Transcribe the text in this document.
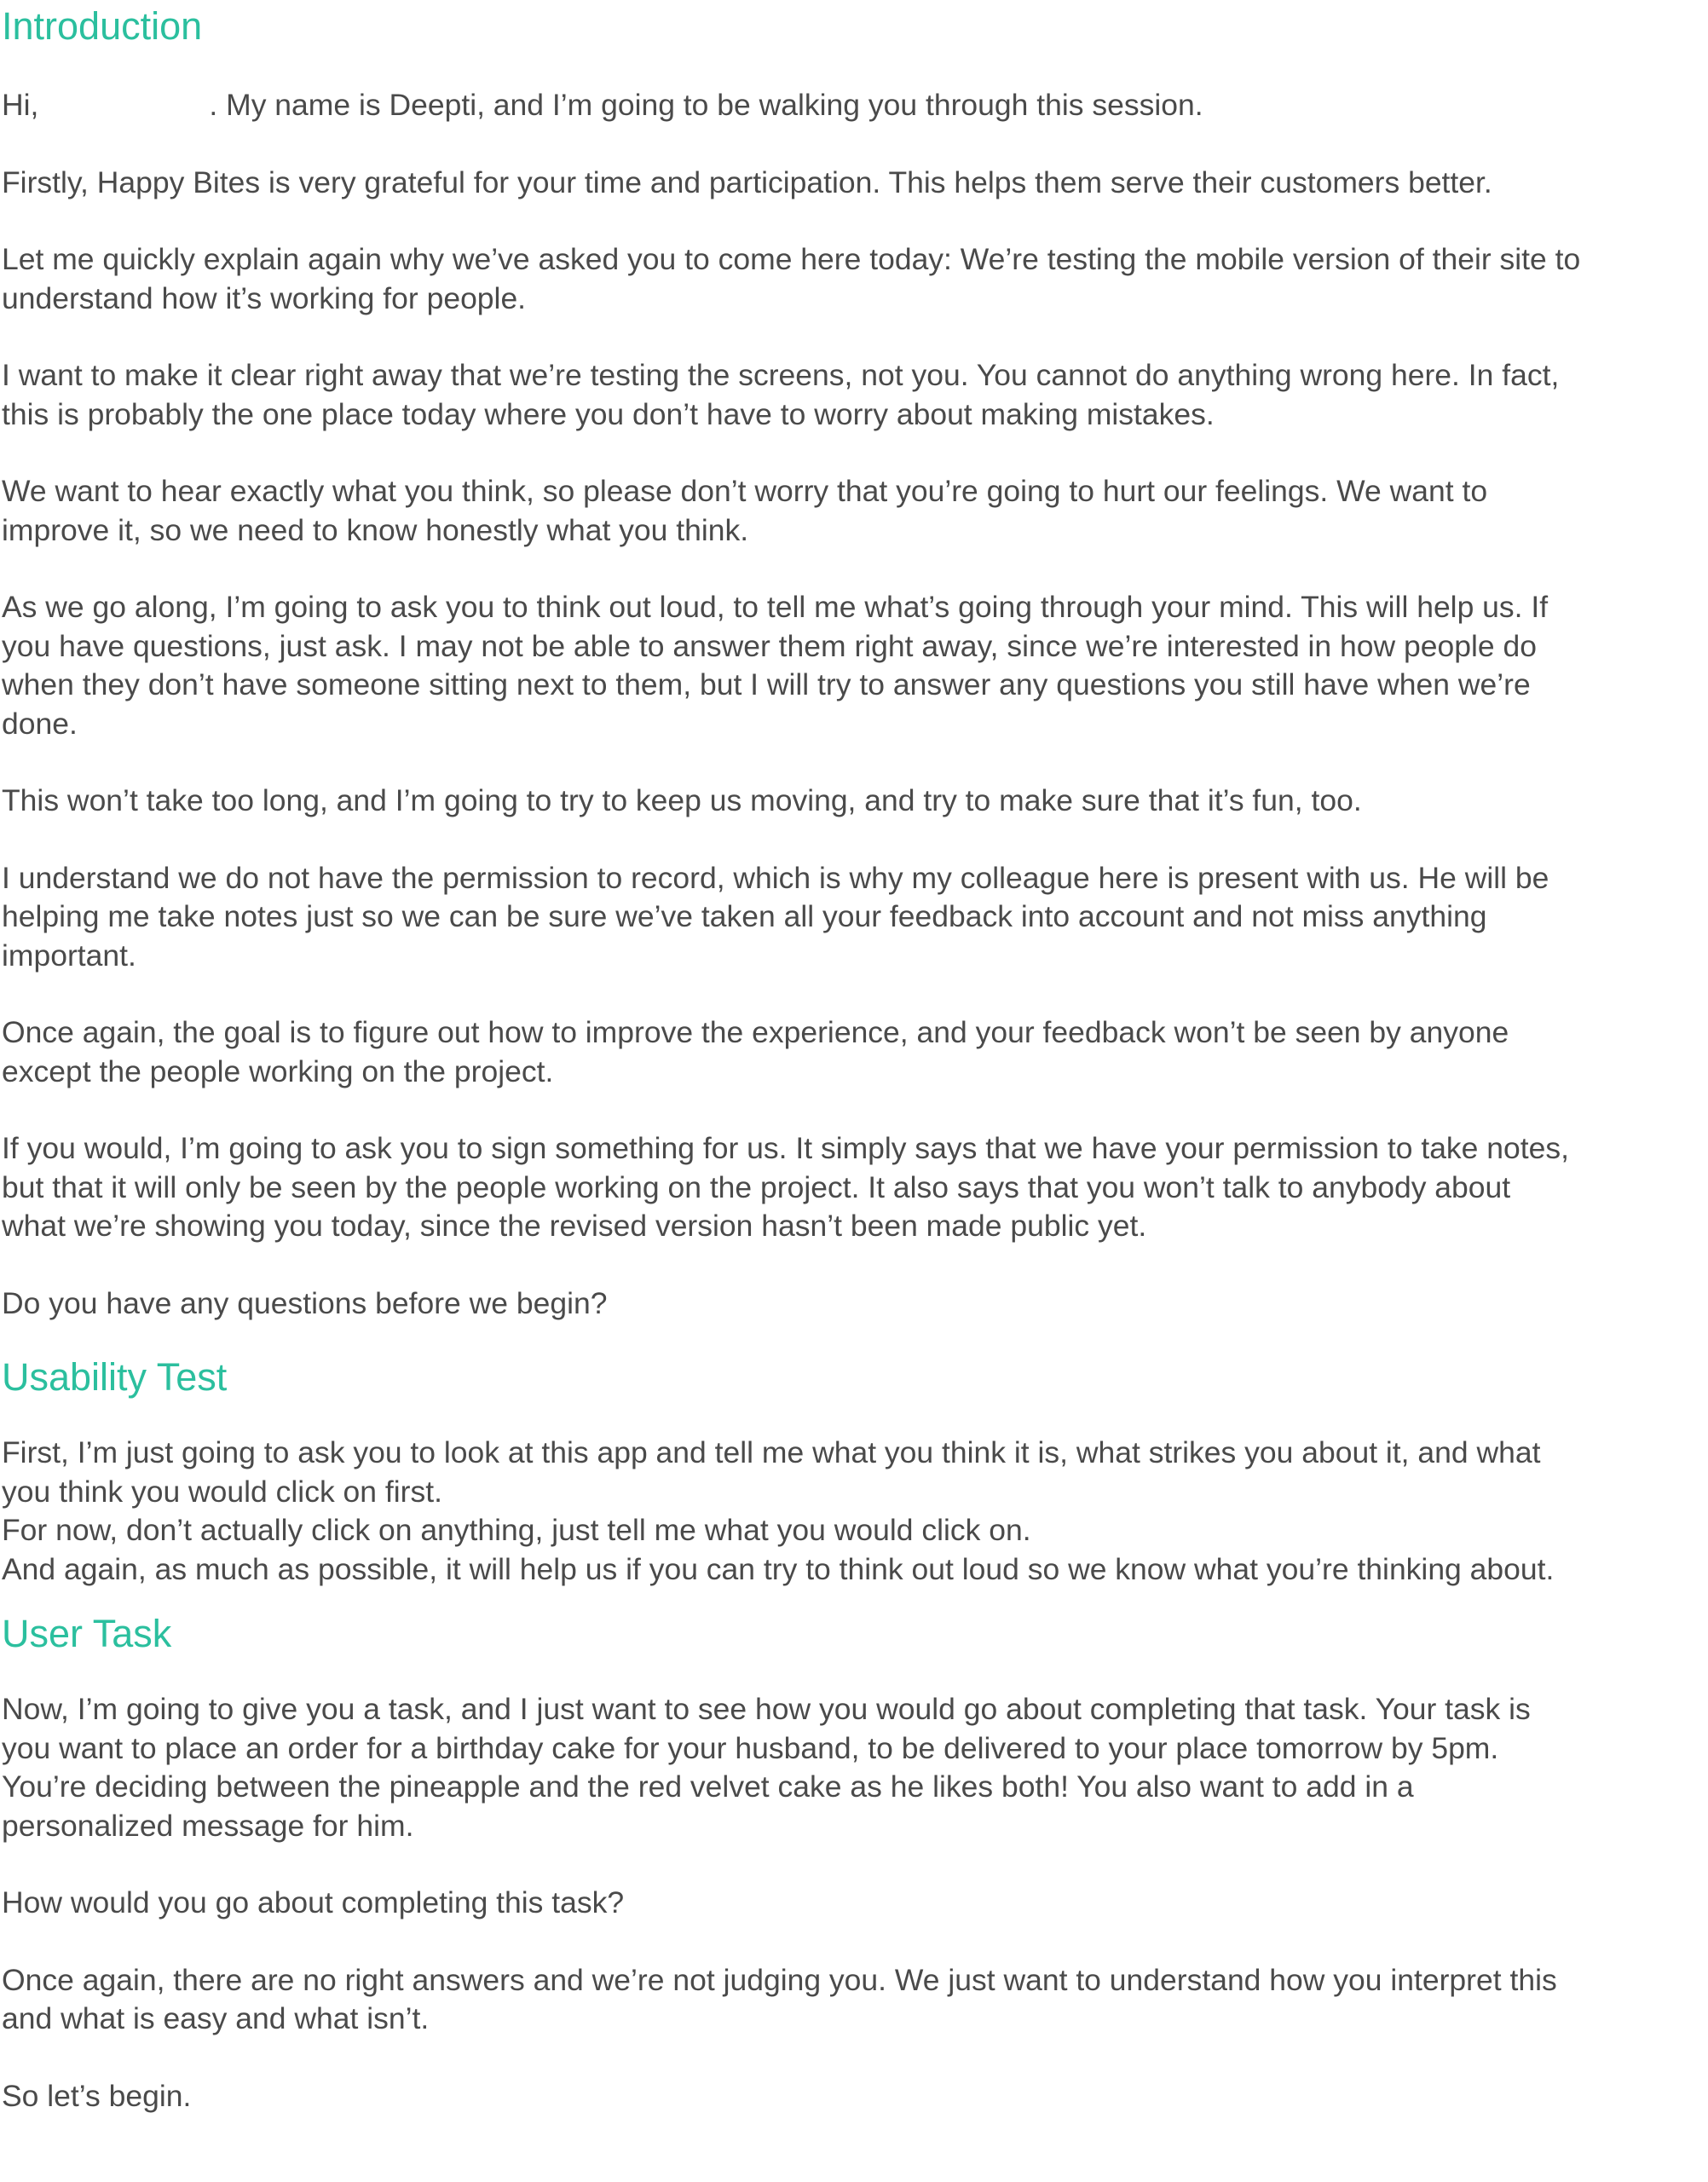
Introduction

Hi,	. My name is Deepti, and I’m going to be walking you through this session.

Firstly, Happy Bites is very grateful for your time and participation. This helps them serve their customers better.

Let me quickly explain again why we’ve asked you to come here today: We’re testing the mobile version of their site to
understand how it’s working for people.

I want to make it clear right away that we’re testing the screens, not you. You cannot do anything wrong here. In fact,
this is probably the one place today where you don’t have to worry about making mistakes.

We want to hear exactly what you think, so please don’t worry that you’re going to hurt our feelings. We want to
improve it, so we need to know honestly what you think.

As we go along, I’m going to ask you to think out loud, to tell me what’s going through your mind. This will help us. If
you have questions, just ask. I may not be able to answer them right away, since we’re interested in how people do
when they don’t have someone sitting next to them, but I will try to answer any questions you still have when we’re
done.

This won’t take too long, and I’m going to try to keep us moving, and try to make sure that it’s fun, too.

I understand we do not have the permission to record, which is why my colleague here is present with us. He will be
helping me take notes just so we can be sure we’ve taken all your feedback into account and not miss anything
important.

Once again, the goal is to figure out how to improve the experience, and your feedback won’t be seen by anyone
except the people working on the project.

If you would, I’m going to ask you to sign something for us. It simply says that we have your permission to take notes,
but that it will only be seen by the people working on the project. It also says that you won’t talk to anybody about
what we’re showing you today, since the revised version hasn’t been made public yet.

Do you have any questions before we begin?

Usability Test

First, I’m just going to ask you to look at this app and tell me what you think it is, what strikes you about it, and what
you think you would click on first.
For now, don’t actually click on anything, just tell me what you would click on.
And again, as much as possible, it will help us if you can try to think out loud so we know what you’re thinking about.

User Task

Now, I’m going to give you a task, and I just want to see how you would go about completing that task. Your task is
you want to place an order for a birthday cake for your husband, to be delivered to your place tomorrow by 5pm.
You’re deciding between the pineapple and the red velvet cake as he likes both! You also want to add in a
personalized message for him.

How would you go about completing this task?

Once again, there are no right answers and we’re not judging you. We just want to understand how you interpret this
and what is easy and what isn’t.

So let’s begin.
